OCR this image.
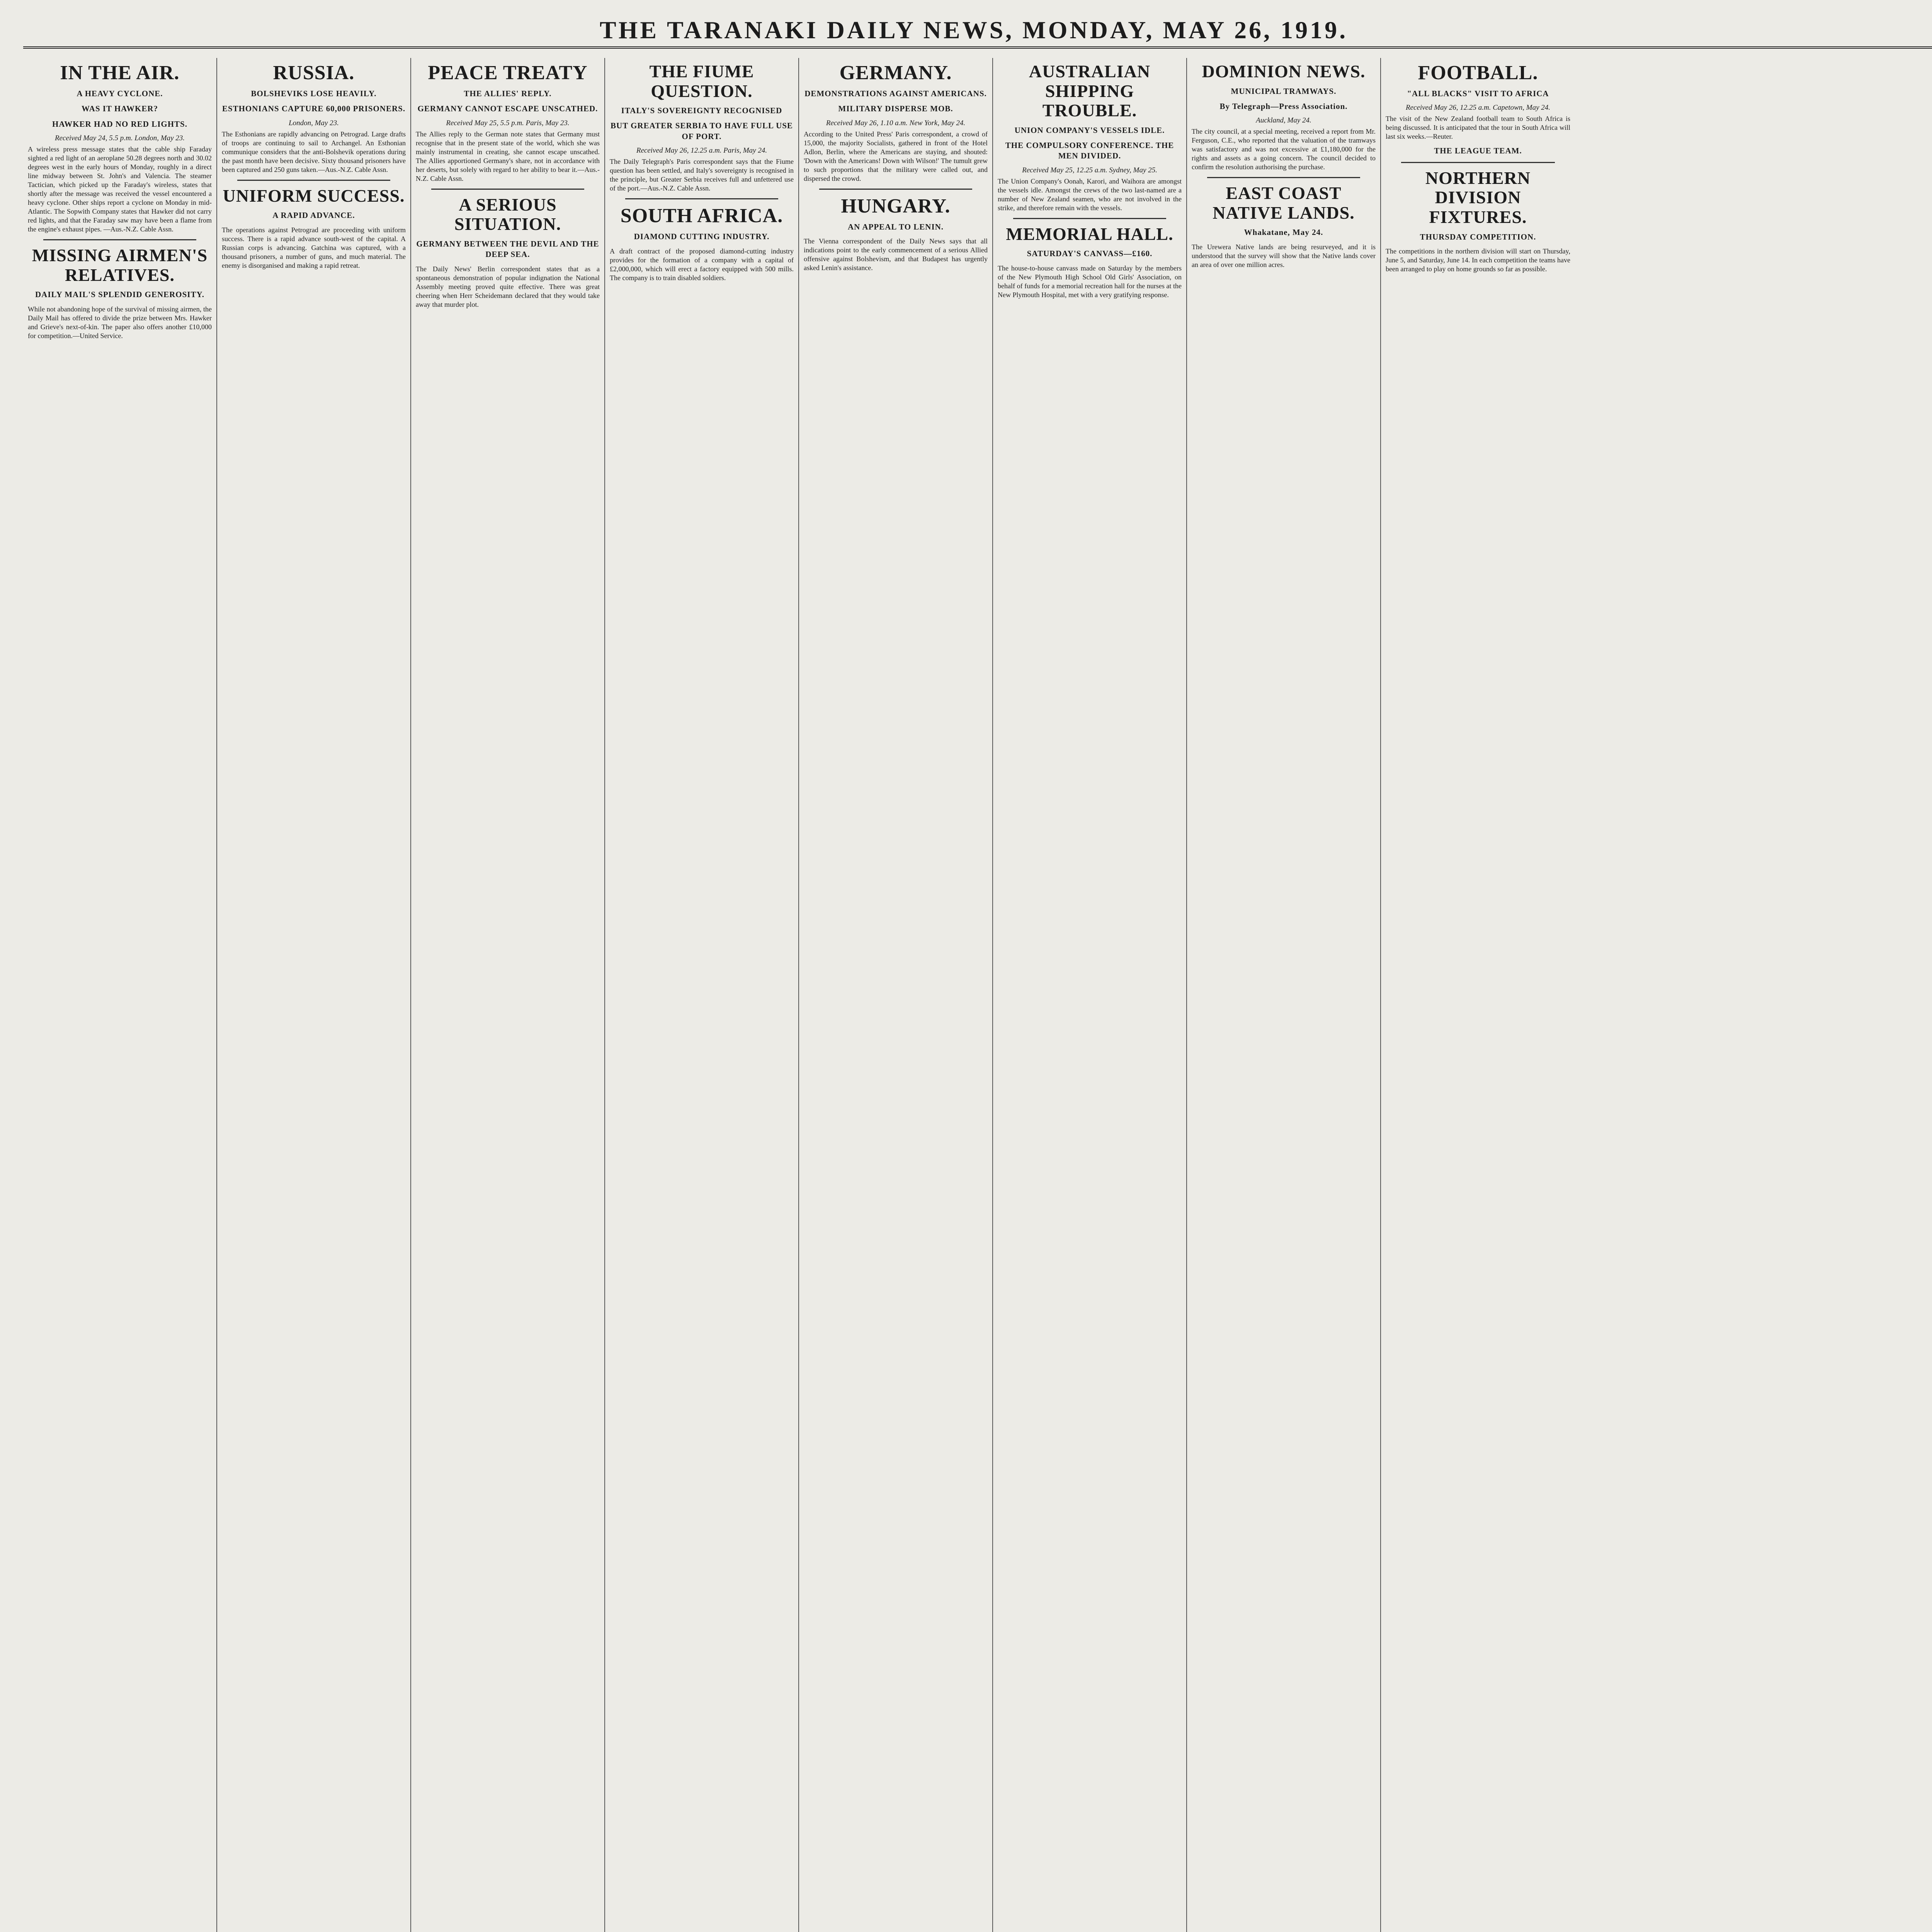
THE TARANAKI DAILY NEWS, MONDAY, MAY 26, 1919.
IN THE AIR.
A HEAVY CYCLONE.
WAS IT HAWKER?
HAWKER HAD NO RED LIGHTS.
Received May 24, 5.5 p.m. London, May 23.

A wireless press message states that the cable ship Faraday sighted a red light of an aeroplane 50.28 degrees north and 30.02 degrees west in the early hours of Monday, roughly in a direct line midway between St. John's and Valencia. The steamer Tactician, which picked up the Faraday's wireless, states that shortly after the message was received the vessel encountered a heavy cyclone. Other ships report a cyclone on Monday in mid-Atlantic. The Sopwith Company states that Hawker did not carry red lights, and that the Faraday saw may have been a flame from the engine's exhaust pipes. —Aus.-N.Z. Cable Assn.

MISSING AIRMEN'S RELATIVES.
DAILY MAIL'S SPLENDID GENEROSITY.

While not abandoning hope of the survival of missing airmen, the Daily Mail has offered to divide the prize between Mrs. Hawker and Grieve's next-of-kin. The paper also offers another £10,000 for competition.—United Service.

RUSSIA.
BOLSHEVIKS LOSE HEAVILY.
ESTHONIANS CAPTURE 60,000 PRISONERS.
London, May 23.

The Esthonians are rapidly advancing on Petrograd. Large drafts of troops are continuing to sail to Archangel. An Esthonian communique considers that the anti-Bolshevik operations during the past month have been decisive. Sixty thousand prisoners have been captured and 250 guns taken.—Aus.-N.Z. Cable Assn.

UNIFORM SUCCESS.
A RAPID ADVANCE.

The operations against Petrograd are proceeding with uniform success. There is a rapid advance south-west of the capital. A Russian corps is advancing. Gatchina was captured, with a thousand prisoners, a number of guns, and much material. The enemy is disorganised and making a rapid retreat.

PEACE TREATY
THE ALLIES' REPLY.
GERMANY CANNOT ESCAPE UNSCATHED.
Received May 25, 5.5 p.m. Paris, May 23.

The Allies reply to the German note states that Germany must recognise that in the present state of the world, which she was mainly instrumental in creating, she cannot escape unscathed. The Allies apportioned Germany's share, not in accordance with her deserts, but solely with regard to her ability to bear it.—Aus.-N.Z. Cable Assn.

A SERIOUS SITUATION.
GERMANY BETWEEN THE DEVIL AND THE DEEP SEA.

The Daily News' Berlin correspondent states that as a spontaneous demonstration of popular indignation the National Assembly meeting proved quite effective. There was great cheering when Herr Scheidemann declared that they would take away that murder plot.

THE FIUME QUESTION.
ITALY'S SOVEREIGNTY RECOGNISED
BUT GREATER SERBIA TO HAVE FULL USE OF PORT.
Received May 26, 12.25 a.m. Paris, May 24.

The Daily Telegraph's Paris correspondent says that the Fiume question has been settled, and Italy's sovereignty is recognised in the principle, but Greater Serbia receives full and unfettered use of the port.—Aus.-N.Z. Cable Assn.

SOUTH AFRICA.
DIAMOND CUTTING INDUSTRY.

A draft contract of the proposed diamond-cutting industry provides for the formation of a company with a capital of £2,000,000, which will erect a factory equipped with 500 mills. The company is to train disabled soldiers.

GERMANY.
DEMONSTRATIONS AGAINST AMERICANS.
MILITARY DISPERSE MOB.
Received May 26, 1.10 a.m. New York, May 24.

According to the United Press' Paris correspondent, a crowd of 15,000, the majority Socialists, gathered in front of the Hotel Adlon, Berlin, where the Americans are staying, and shouted: 'Down with the Americans! Down with Wilson!' The tumult grew to such proportions that the military were called out, and dispersed the crowd.

HUNGARY.
AN APPEAL TO LENIN.

The Vienna correspondent of the Daily News says that all indications point to the early commencement of a serious Allied offensive against Bolshevism, and that Budapest has urgently asked Lenin's assistance.

AUSTRALIAN SHIPPING TROUBLE.
UNION COMPANY'S VESSELS IDLE.
THE COMPULSORY CONFERENCE. THE MEN DIVIDED.
Received May 25, 12.25 a.m. Sydney, May 25.

The Union Company's Oonah, Karori, and Waihora are amongst the vessels idle. Amongst the crews of the two last-named are a number of New Zealand seamen, who are not involved in the strike, and therefore remain with the vessels.

MEMORIAL HALL.
SATURDAY'S CANVASS—£160.

The house-to-house canvass made on Saturday by the members of the New Plymouth High School Old Girls' Association, on behalf of funds for a memorial recreation hall for the nurses at the New Plymouth Hospital, met with a very gratifying response.

DOMINION NEWS.
MUNICIPAL TRAMWAYS.
By Telegraph—Press Association.
Auckland, May 24.

The city council, at a special meeting, received a report from Mr. Ferguson, C.E., who reported that the valuation of the tramways was satisfactory and was not excessive at £1,180,000 for the rights and assets as a going concern. The council decided to confirm the resolution authorising the purchase.

EAST COAST NATIVE LANDS.
Whakatane, May 24.

The Urewera Native lands are being resurveyed, and it is understood that the survey will show that the Native lands cover an area of over one million acres.

FOOTBALL.
"ALL BLACKS" VISIT TO AFRICA
Received May 26, 12.25 a.m. Capetown, May 24.

The visit of the New Zealand football team to South Africa is being discussed. It is anticipated that the tour in South Africa will last six weeks.—Reuter.

THE LEAGUE TEAM.
NORTHERN DIVISION FIXTURES.
THURSDAY COMPETITION.

The competitions in the northern division will start on Thursday, June 5, and Saturday, June 14. In each competition the teams have been arranged to play on home grounds so far as possible.
